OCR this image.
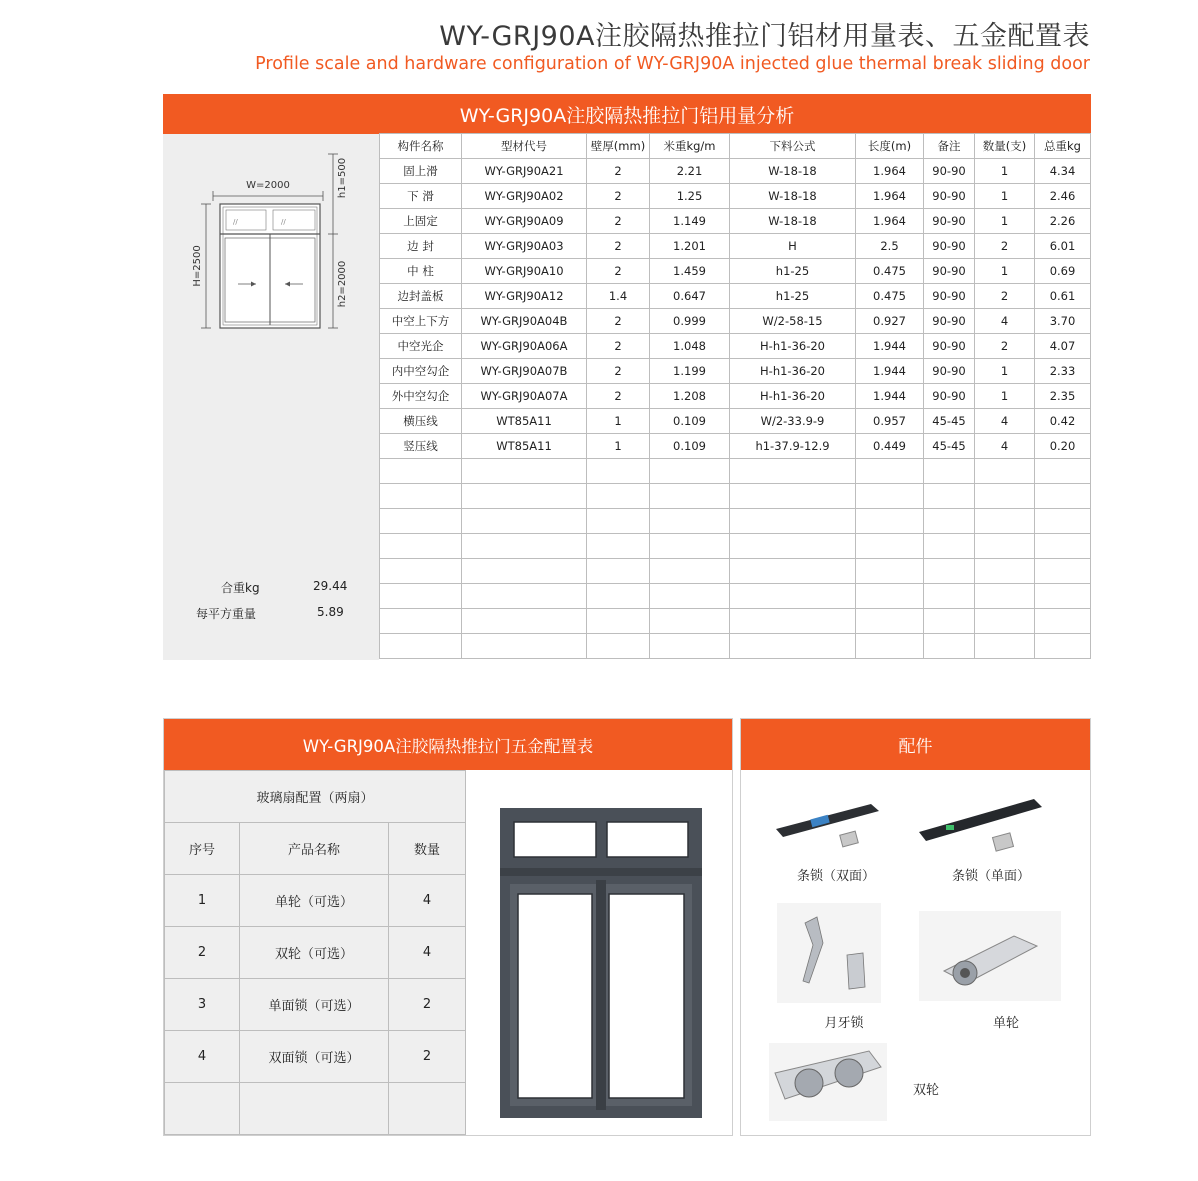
WY-GRJ90A注胶隔热推拉门铝材用量表、五金配置表
Profile scale and hardware configuration of WY-GRJ90A injected glue thermal break sliding door
WY-GRJ90A注胶隔热推拉门铝用量分析
W=2000
//	//
H=2500
h1=500
h2=2000
合重kg	29.44
每平方重量	5.89
构件名称	型材代号	壁厚(mm)	米重kg/m	下料公式	长度(m)	备注	数量(支)	总重kg
固上滑	WY-GRJ90A21	2	2.21	W-18-18	1.964	90-90	1	4.34
下 滑	WY-GRJ90A02	2	1.25	W-18-18	1.964	90-90	1	2.46
上固定	WY-GRJ90A09	2	1.149	W-18-18	1.964	90-90	1	2.26
边 封	WY-GRJ90A03	2	1.201	H	2.5	90-90	2	6.01
中 柱	WY-GRJ90A10	2	1.459	h1-25	0.475	90-90	1	0.69
边封盖板	WY-GRJ90A12	1.4	0.647	h1-25	0.475	90-90	2	0.61
中空上下方	WY-GRJ90A04B	2	0.999	W/2-58-15	0.927	90-90	4	3.70
中空光企	WY-GRJ90A06A	2	1.048	H-h1-36-20	1.944	90-90	2	4.07
内中空勾企	WY-GRJ90A07B	2	1.199	H-h1-36-20	1.944	90-90	1	2.33
外中空勾企	WY-GRJ90A07A	2	1.208	H-h1-36-20	1.944	90-90	1	2.35
横压线	WT85A11	1	0.109	W/2-33.9-9	0.957	45-45	4	0.42
竖压线	WT85A11	1	0.109	h1-37.9-12.9	0.449	45-45	4	0.20

WY-GRJ90A注胶隔热推拉门五金配置表
玻璃扇配置（两扇）		
序号	产品名称	数量
1	单轮（可选）	4
2	双轮（可选）	4
3	单面锁（可选）	2
4	双面锁（可选）	2

配件
条锁（双面）	条锁（单面）
月牙锁	单轮
双轮
